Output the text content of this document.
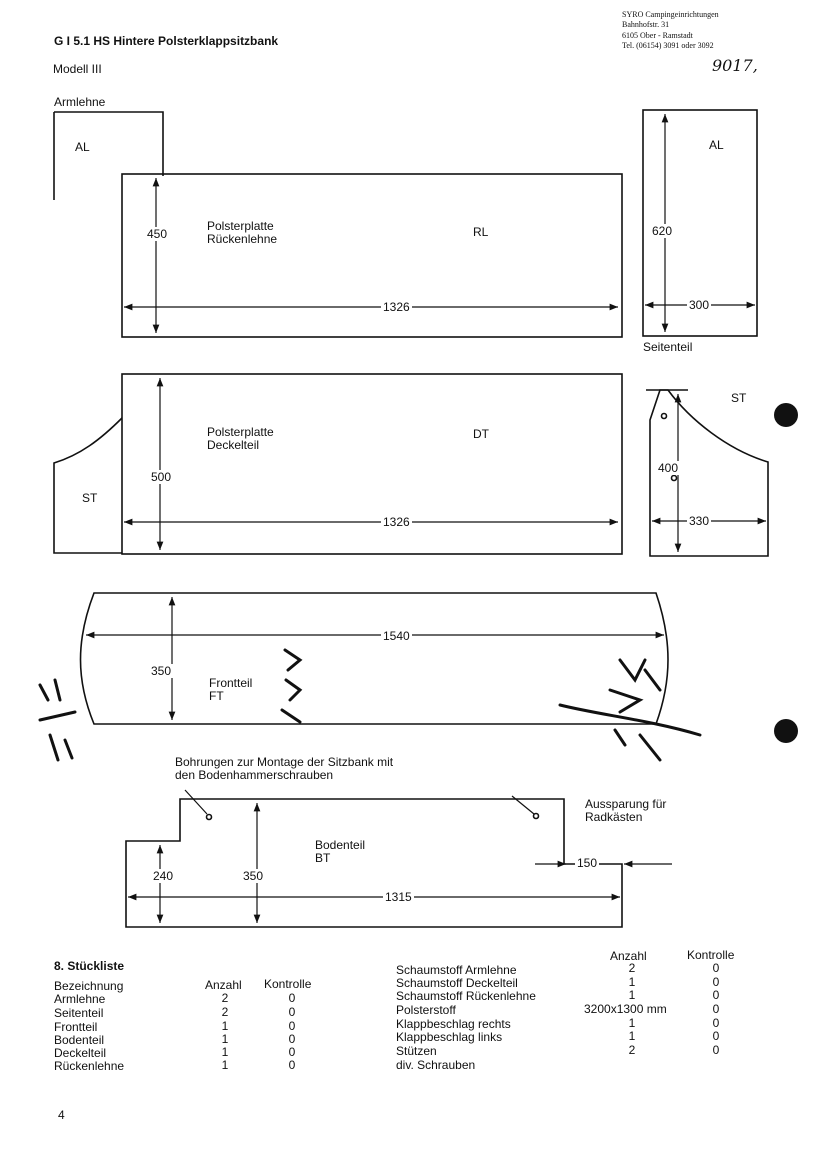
G I 5.1 HS Hintere Polsterklappsitzbank
Modell III
SYRO Campingeinrichtungen
Bahnhofstr. 31
6105 Ober - Ramstadt
Tel. (06154) 3091 oder 3092
9017,
Armlehne
AL
Polsterplatte
Rückenlehne	RL
450
1326
AL
620
300
Seitenteil
Polsterplatte
Deckelteil
DT
500
1326
ST
ST
400
330
1540
350
Frontteil
FT
Bohrungen zur Montage der Sitzbank mit
den Bodenhammerschrauben
Aussparung für
Radkästen
Bodenteil
BT
240	350
150
1315
8. Stückliste
Bezeichnung	Anzahl Kontrolle
Armlehne	2	0
Seitenteil	2	0
Frontteil	1	0
Bodenteil	1	0
Deckelteil	1	0
Rückenlehne	1	0
Anzahl	Kontrolle
Schaumstoff Armlehne	2	0
Schaumstoff Deckelteil	1	0
Schaumstoff Rückenlehne	1	0
Polsterstoff	3200x1300 mm	0
Klappbeschlag rechts	1	0
Klappbeschlag links	1	0
Stützen	2	0
div. Schrauben
4
